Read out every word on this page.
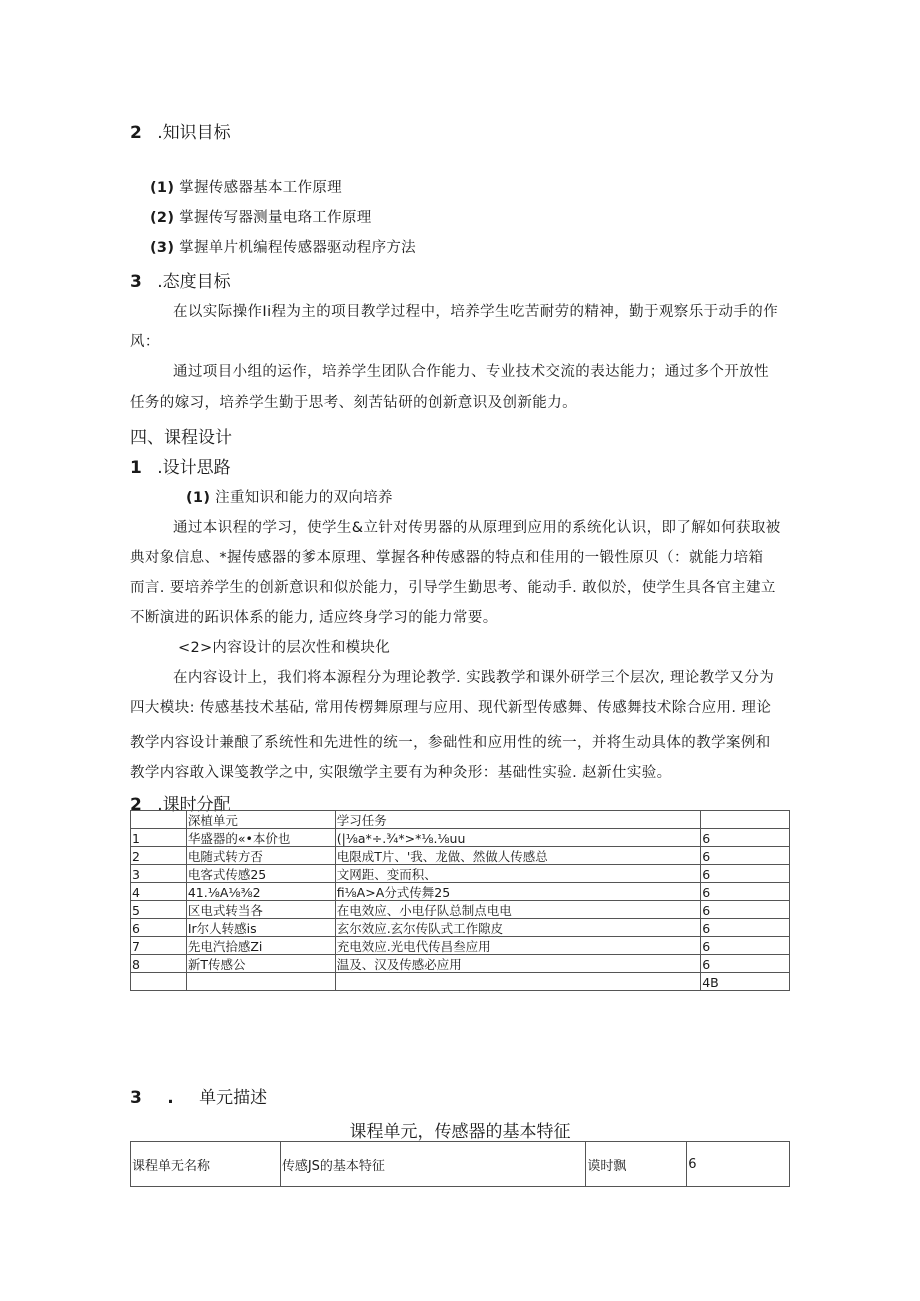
2 .知识目标
(1) 掌握传感器基本工作原理
(2) 掌握传写器测量电珞工作原理
(3) 掌握单片机编程传感器驱动程序方法
3 .态度目标
在以实际操作Ii程为主的项目教学过程中，培养学生吃苦耐劳的精神，勤于观察乐于动手的作
风：
通过项目小组的运作，培养学生团队合作能力、专业技术交流的表达能力；通过多个开放性
任务的嫁习，培养学生勤于思考、刻苦钻研的创新意识及创新能力。
四、课程设计
1 .设计思路
(1) 注重知识和能力的双向培养
通过本识程的学习，使学生&立针对传男器的从原理到应用的系统化认识，即了解如何获取被
典对象信息、*握传感器的爹本原理、掌握各种传感器的特点和佳用的一锻性原贝（：就能力培箱
而言. 要培养学生的创新意识和似於能力，引导学生勤思考、能动手. 敢似於，使学生具各官主建立
不断演进的跖识体系的能力, 适应终身学习的能力常要。
<2>内容设计的层次性和模块化
在内容设计上，我们将本源程分为理论教学. 实践教学和课外研学三个层次, 理论教学又分为
四大模块: 传感基技术基砧, 常用传楞舞原理与应用、现代新型传感舞、传感舞技术除合应用. 理论
教学内容设计兼酿了系统性和先进性的统一，参础性和应用性的统一，并将生动具体的教学案例和
教学内容敢入课笺教学之中, 实限缴学主要有为种灸形：基础性实验. 赵新仕实验。
2 .课时分配
	深植单元	学习任务	
1	华盛器的«•本价也	(|⅛a*÷.¾*>*⅛.⅛uu	6
2	电随式转方否	电限成T片、'我、龙做、然做人传感总	6
3	电客式传感25	文网距、变而积、	6
4	41.⅛A⅛⅜2	fi⅛A>A分式传舞25	6
5	区电式转当各	在电效应、小电仔队总制点电电	6
6	Ir尔人转感is	玄尔效应.玄尔传队式工作隙皮	6
7	先电汽拾感Zi	充电效应.光电代传昌叁应用	6
8	新T传感公	温及、汉及传感必应用	6
			4B
3 . 单元描述
课程单元，传感器的基本特征
课程单无名称	传感JS的基本特征	谟时飘	6
